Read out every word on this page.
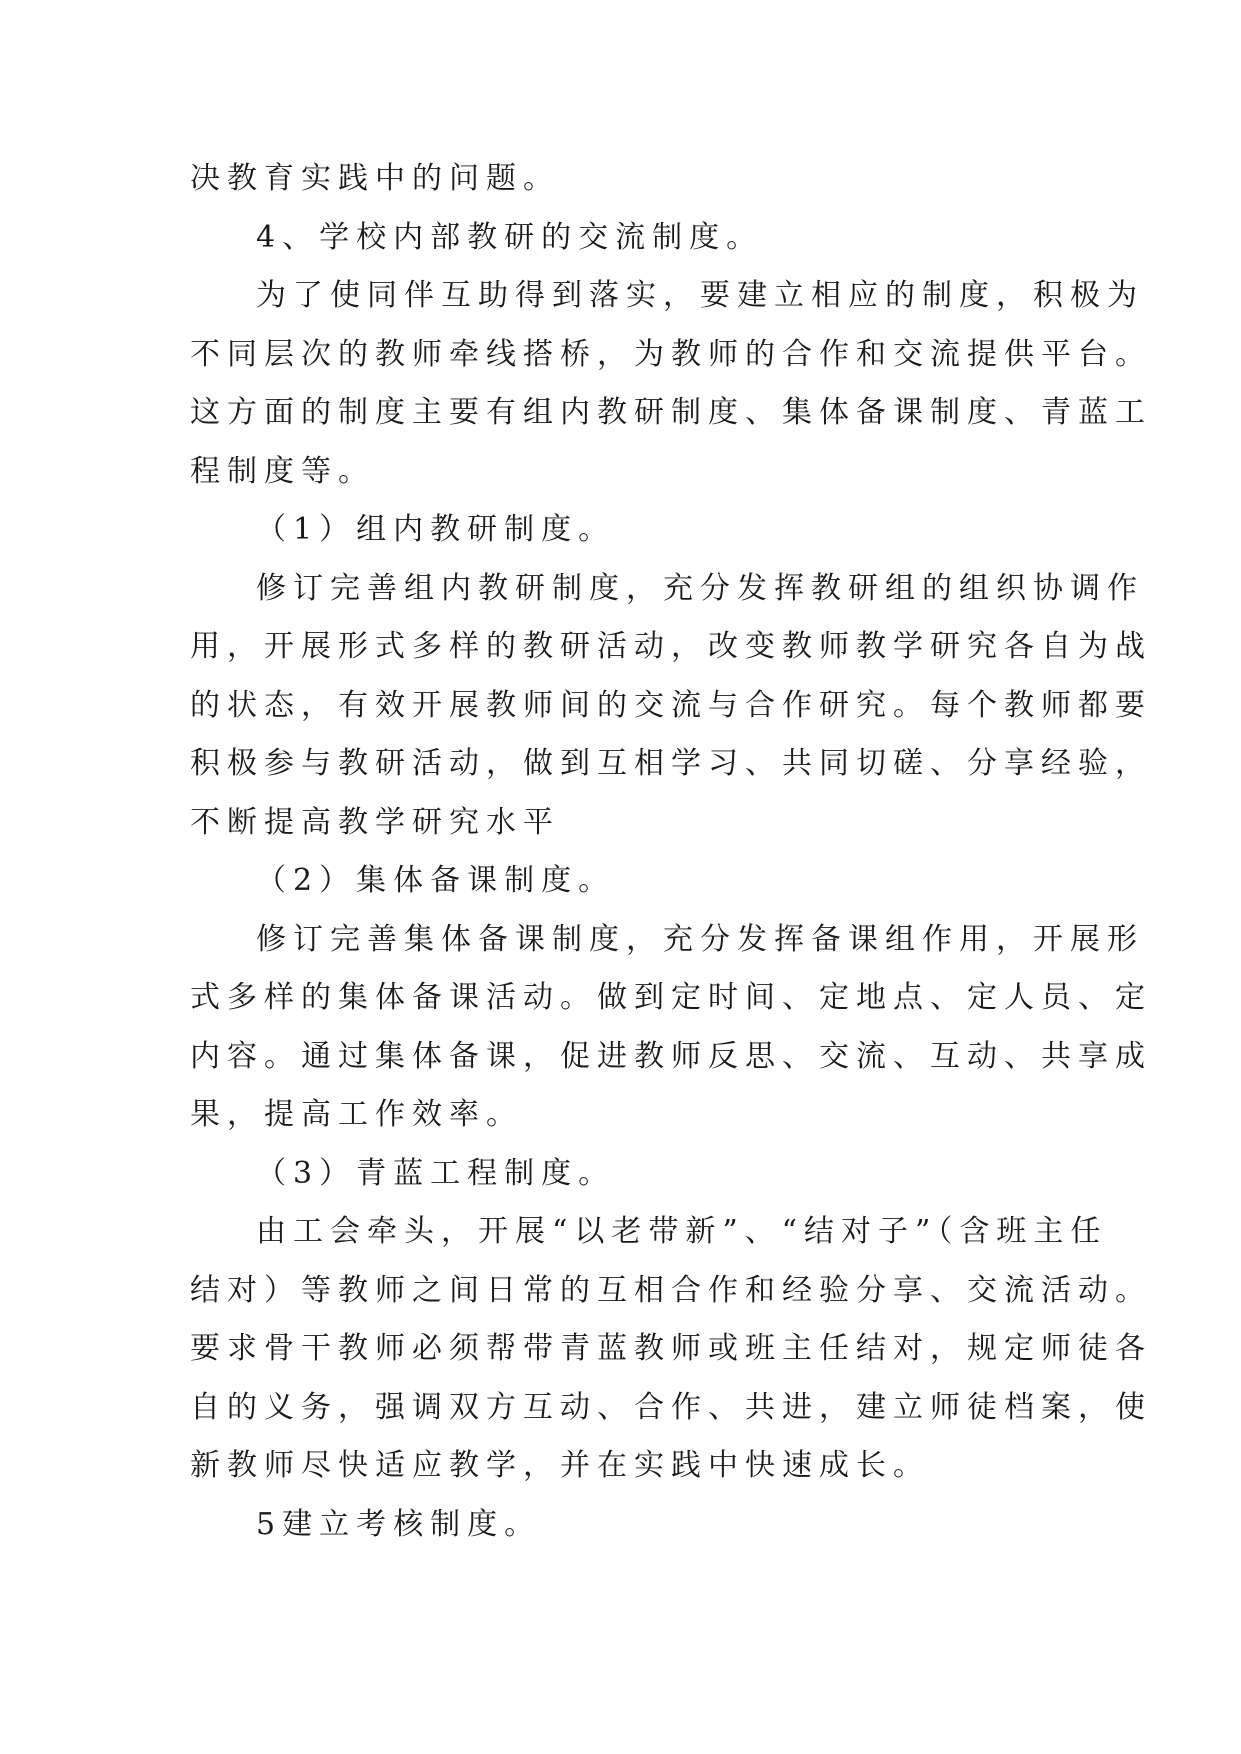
决教育实践中的问题。
4、学校内部教研的交流制度。
为了使同伴互助得到落实，要建立相应的制度，积极为
不同层次的教师牵线搭桥，为教师的合作和交流提供平台。
这方面的制度主要有组内教研制度、集体备课制度、青蓝工
程制度等。
（1）组内教研制度。
修订完善组内教研制度，充分发挥教研组的组织协调作
用，开展形式多样的教研活动，改变教师教学研究各自为战
的状态，有效开展教师间的交流与合作研究。每个教师都要
积极参与教研活动，做到互相学习、共同切磋、分享经验，
不断提高教学研究水平
（2）集体备课制度。
修订完善集体备课制度，充分发挥备课组作用，开展形
式多样的集体备课活动。做到定时间、定地点、定人员、定
内容。通过集体备课，促进教师反思、交流、互动、共享成
果，提高工作效率。
（3）青蓝工程制度。
由工会牵头，开展“以老带新”、“结对子”（含班主任
结对）等教师之间日常的互相合作和经验分享、交流活动。
要求骨干教师必须帮带青蓝教师或班主任结对，规定师徒各
自的义务，强调双方互动、合作、共进，建立师徒档案，使
新教师尽快适应教学，并在实践中快速成长。
5建立考核制度。
